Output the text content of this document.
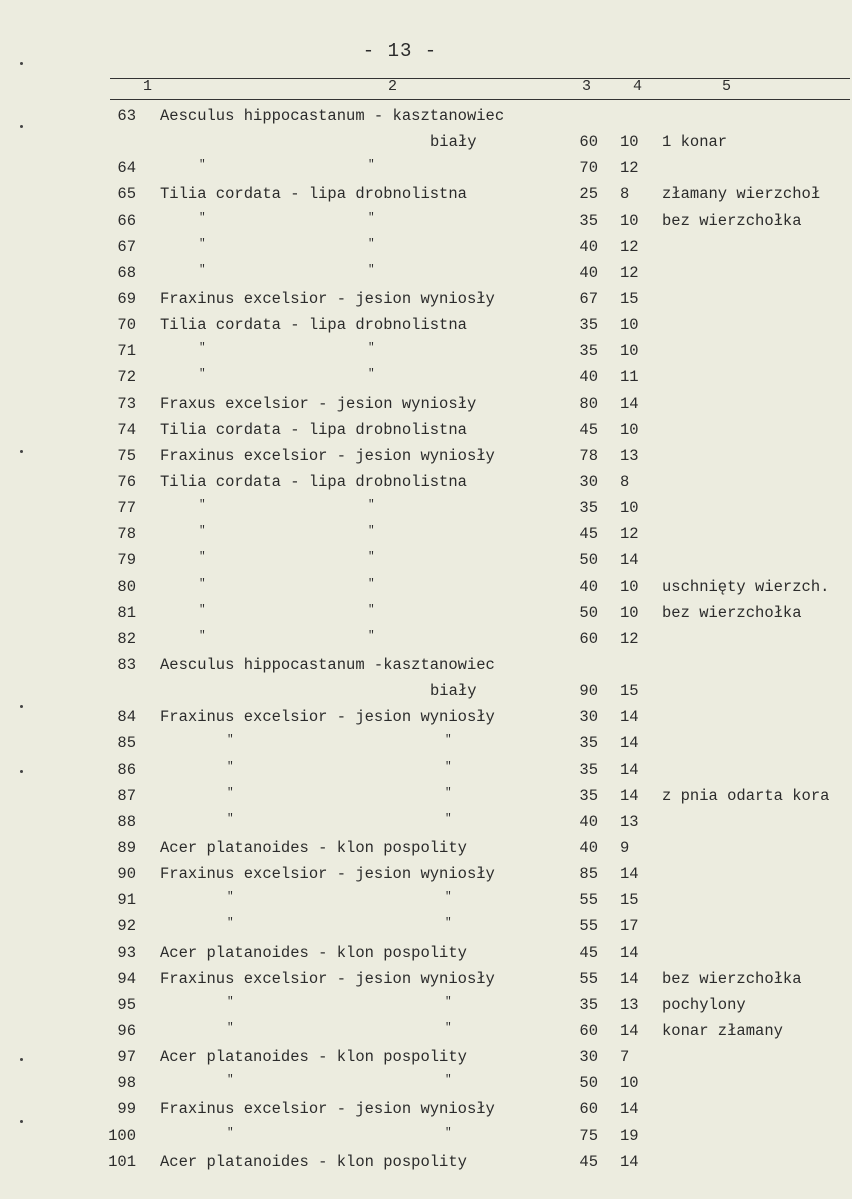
- 13 -
1	2	3	4	5
63 Aesculus hippocastanum - kasztanowiec
biały	60 10 1 konar
64	"	"	70 12
65 Tilia cordata - lipa drobnolistna	25 8 złamany wierzchoł
66	"	"	35 10 bez wierzchołka
67	"	"	40 12
68	"	"	40 12
69 Fraxinus excelsior - jesion wyniosły	67 15
70 Tilia cordata - lipa drobnolistna	35 10
71	"	"	35 10
72	"	"	40 11
73 Fraxus excelsior - jesion wyniosły	80 14
74 Tilia cordata - lipa drobnolistna	45 10
75 Fraxinus excelsior - jesion wyniosły	78 13
76 Tilia cordata - lipa drobnolistna	30 8
77	"	"	35 10
78	"	"	45 12
79	"	"	50 14
80	"	"	40 10 uschnięty wierzch.
81	"	"	50 10 bez wierzchołka
82	"	"	60 12
83 Aesculus hippocastanum -kasztanowiec
biały	90 15
84 Fraxinus excelsior - jesion wyniosły	30 14
85	"	"	35 14
86	"	"	35 14
87	"	"	35 14 z pnia odarta kora
88	"	"	40 13
89 Acer platanoides - klon pospolity	40 9
90 Fraxinus excelsior - jesion wyniosły	85 14
91	"	"	55 15
92	"	"	55 17
93 Acer platanoides - klon pospolity	45 14
94 Fraxinus excelsior - jesion wyniosły	55 14 bez wierzchołka
95	"	"	35 13 pochylony
96	"	"	60 14 konar złamany
97 Acer platanoides - klon pospolity	30 7
98	"	"	50 10
99 Fraxinus excelsior - jesion wyniosły	60 14
100	"	"	75 19
101 Acer platanoides - klon pospolity	45 14
